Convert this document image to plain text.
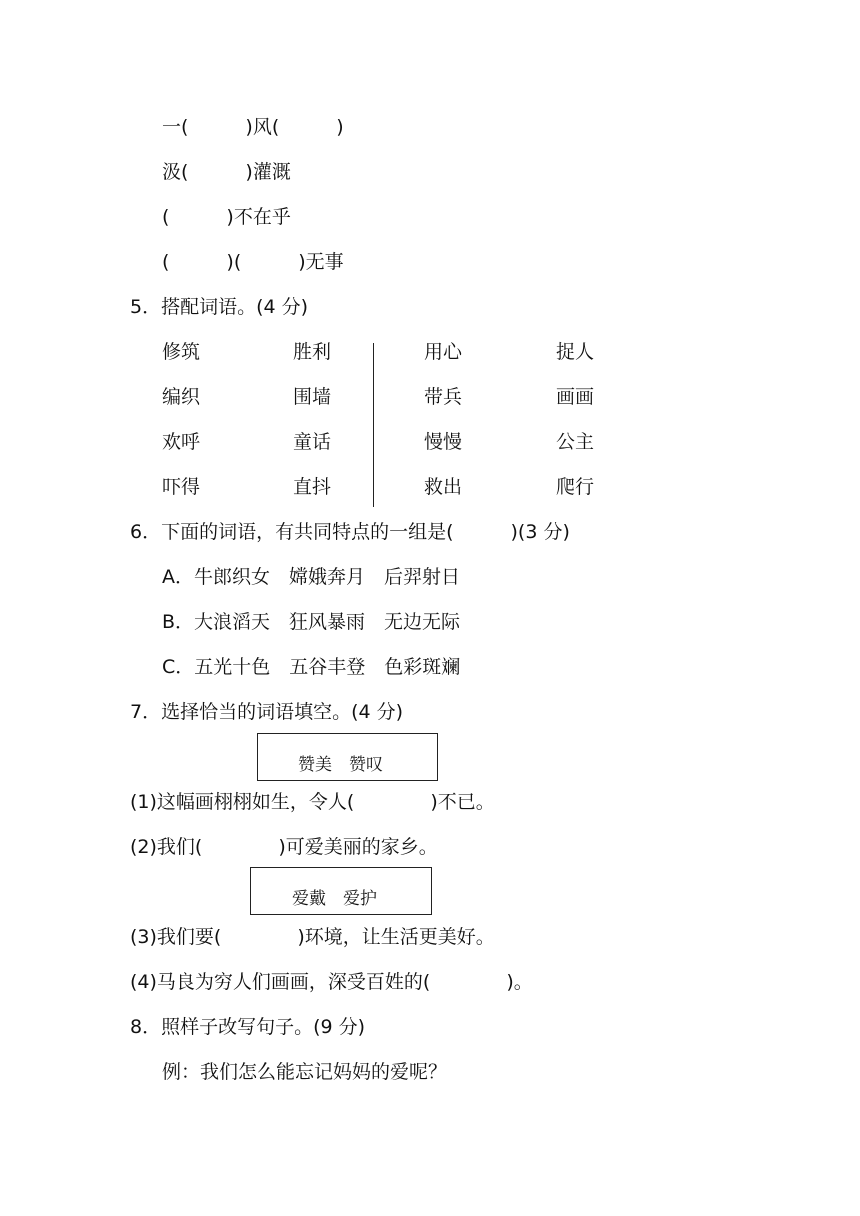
一(　　　)风(　　　)
汲(　　　)灌溉
(　　　)不在乎
(　　　)(　　　)无事
5．搭配词语。(4 分)
修筑
编织
欢呼
吓得
胜利
围墙
童话
直抖
用心
带兵
慢慢
救出
捉人
画画
公主
爬行
6．下面的词语，有共同特点的一组是(　　　)(3 分)
A．牛郎织女　嫦娥奔月　后羿射日
B．大浪滔天　狂风暴雨　无边无际
C．五光十色　五谷丰登　色彩斑斓
7．选择恰当的词语填空。(4 分)
赞美　赞叹
(1)这幅画栩栩如生，令人(　　　　)不已。
(2)我们(　　　　)可爱美丽的家乡。
爱戴　爱护
(3)我们要(　　　　)环境，让生活更美好。
(4)马良为穷人们画画，深受百姓的(　　　　)。
8．照样子改写句子。(9 分)
例：我们怎么能忘记妈妈的爱呢？
